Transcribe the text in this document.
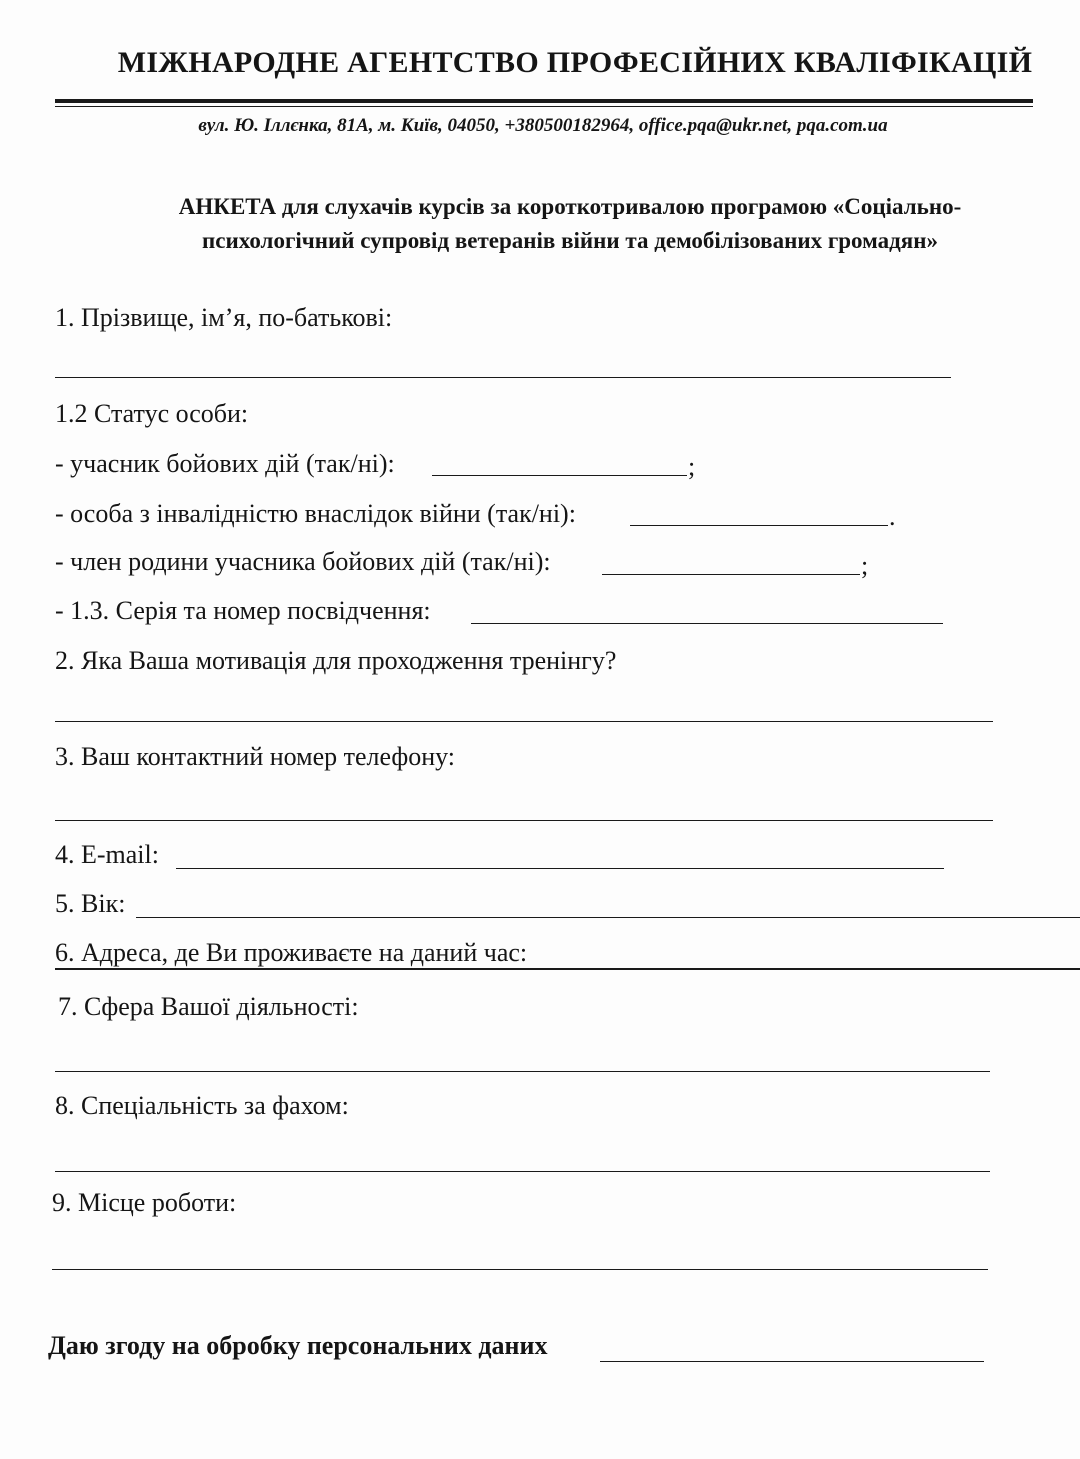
МІЖНАРОДНЕ АГЕНТСТВО ПРОФЕСІЙНИХ КВАЛІФІКАЦІЙ
вул. Ю. Іллєнка, 81А, м. Київ, 04050, +380500182964, office.pqa@ukr.net, pqa.com.ua
АНКЕТА для слухачів курсів за короткотривалою програмою «Соціально-
психологічний супровід ветеранів війни та демобілізованих громадян»
1. Прізвище, ім’я, по-батькові:
1.2 Статус особи:
- учасник бойових дій (так/ні):	;
- особа з інвалідністю внаслідок війни (так/ні):	.
- член родини учасника бойових дій (так/ні):	;
- 1.3. Серія та номер посвідчення:
2. Яка Ваша мотивація для проходження тренінгу?
3. Ваш контактний номер телефону:
4. E-mail:
5. Вік:
6. Адреса, де Ви проживаєте на даний час:
7. Сфера Вашої діяльності:
8. Спеціальність за фахом:
9. Місце роботи:
Даю згоду на обробку персональних даних
